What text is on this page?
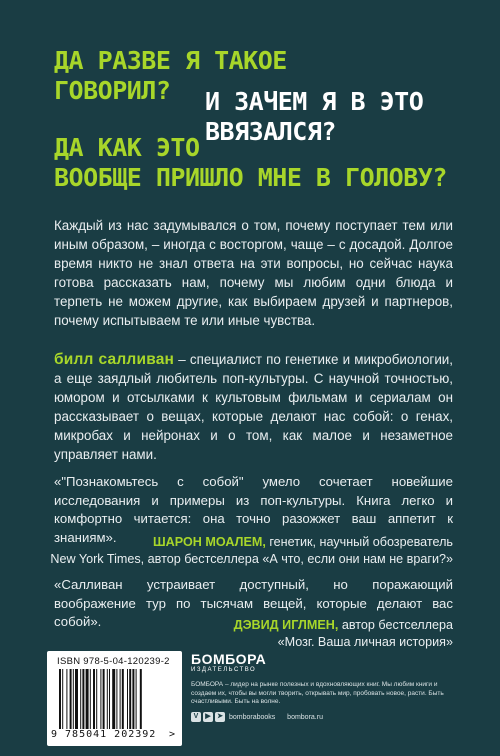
ДА РАЗВЕ Я ТАКОЕ
ГОВОРИЛ?	И ЗАЧЕМ Я В ЭТО
ВВЯЗАЛСЯ?
ДА КАК ЭТО
ВООБЩЕ ПРИШЛО МНЕ В ГОЛОВУ?

Каждый из нас задумывался о том, почему поступает тем или иным образом, – иногда с восторгом, чаще – с досадой. Долгое время никто не знал ответа на эти вопросы, но сейчас наука готова рассказать нам, почему мы любим одни блюда и терпеть не можем другие, как выбираем друзей и партнеров, почему испытываем те или иные чувства.

билл салливан – специалист по генетике и микробиологии, а еще заядлый любитель поп-культуры. С научной точностью, юмором и отсылками к культовым фильмам и сериалам он рассказывает о вещах, которые делают нас собой: о генах, микробах и нейронах и о том, как малое и незаметное управляет нами.

«"Познакомьтесь с собой" умело сочетает новейшие исследования и примеры из поп-культуры. Книга легко и комфортно читается: она точно разожжет ваш аппетит к знаниям».	ШАРОН МОАЛЕМ, генетик, научный обозреватель
New York Times, автор бестселлера «А что, если они нам не враги?»

«Салливан устраивает доступный, но поражающий воображение тур по тысячам вещей, которые делают вас собой».	ДЭВИД ИГЛМЕН, автор бестселлера
«Мозг. Ваша личная история»
ISBN 978-5-04-120239-2
9 785041 202392 >
БОМБОРА
ИЗДАТЕЛЬСТВО

БОМБОРА – лидер на рынке полезных и вдохновляющих книг. Мы любим книги и создаем их, чтобы вы могли творить, открывать мир, пробовать новое, расти. Быть счастливыми. Быть на волне.

V ▶ ➤ bomborabooks bombora.ru
